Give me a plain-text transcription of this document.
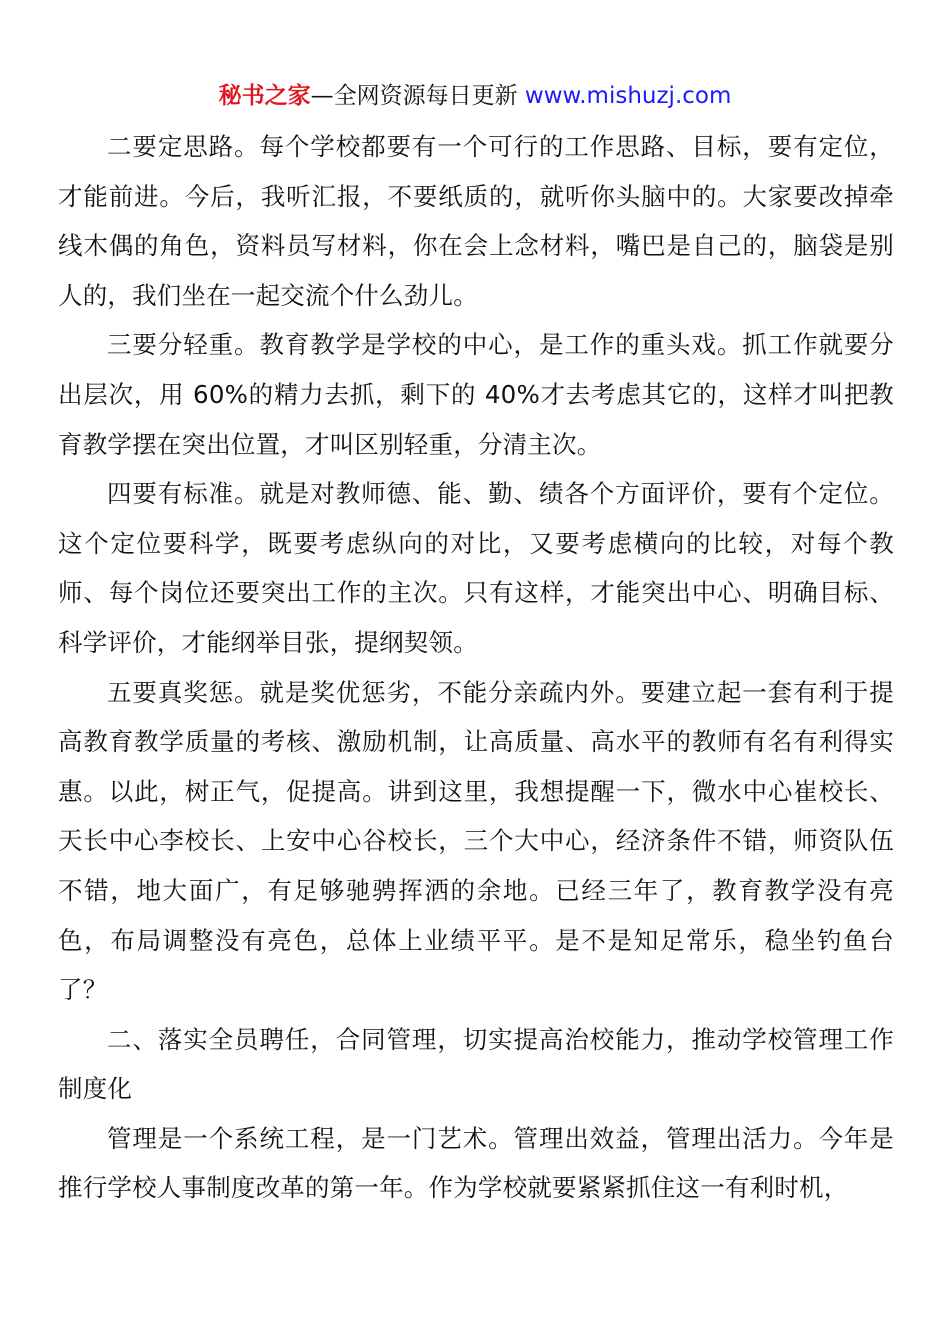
秘书之家—全网资源每日更新 www.mishuzj.com

二要定思路。每个学校都要有一个可行的工作思路、目标，要有定位，才能前进。今后，我听汇报，不要纸质的，就听你头脑中的。大家要改掉牵线木偶的角色，资料员写材料，你在会上念材料，嘴巴是自己的，脑袋是别人的，我们坐在一起交流个什么劲儿。

三要分轻重。教育教学是学校的中心，是工作的重头戏。抓工作就要分出层次，用 60%的精力去抓，剩下的 40%才去考虑其它的，这样才叫把教育教学摆在突出位置，才叫区别轻重，分清主次。

四要有标准。就是对教师德、能、勤、绩各个方面评价，要有个定位。这个定位要科学，既要考虑纵向的对比，又要考虑横向的比较，对每个教师、每个岗位还要突出工作的主次。只有这样，才能突出中心、明确目标、科学评价，才能纲举目张，提纲契领。

五要真奖惩。就是奖优惩劣，不能分亲疏内外。要建立起一套有利于提高教育教学质量的考核、激励机制，让高质量、高水平的教师有名有利得实惠。以此，树正气，促提高。讲到这里，我想提醒一下，微水中心崔校长、天长中心李校长、上安中心谷校长，三个大中心，经济条件不错，师资队伍不错，地大面广，有足够驰骋挥洒的余地。已经三年了，教育教学没有亮色，布局调整没有亮色，总体上业绩平平。是不是知足常乐，稳坐钓鱼台了？

二、落实全员聘任，合同管理，切实提高治校能力，推动学校管理工作制度化

管理是一个系统工程，是一门艺术。管理出效益，管理出活力。今年是推行学校人事制度改革的第一年。作为学校就要紧紧抓住这一有利时机，
